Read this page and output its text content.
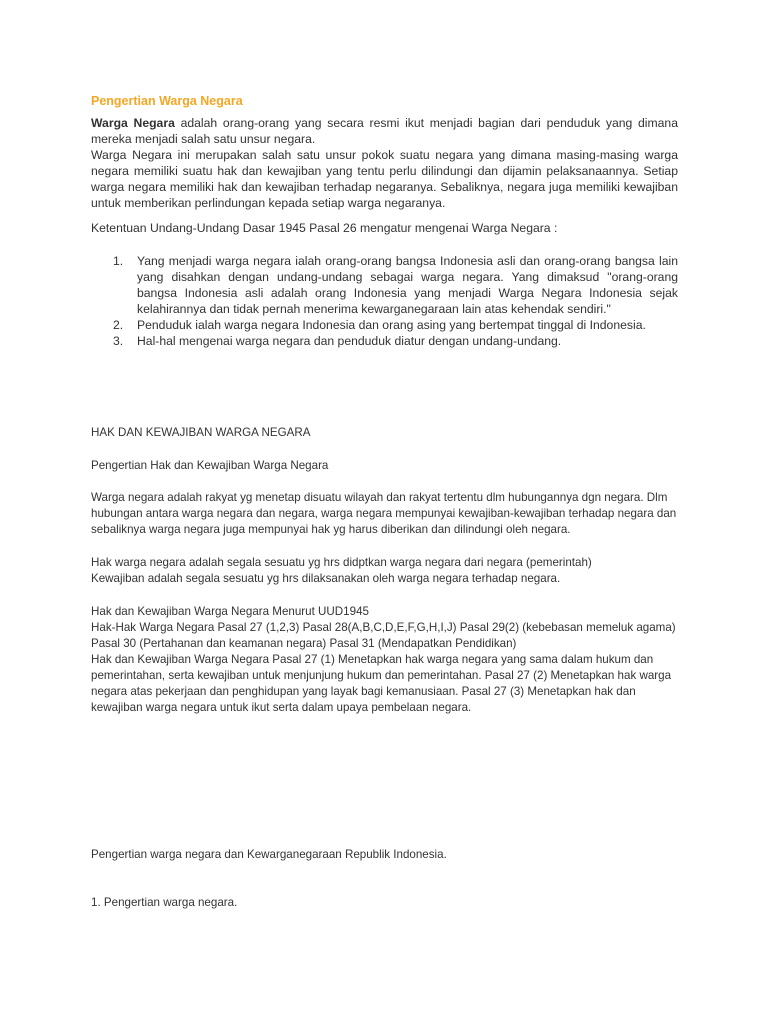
Pengertian Warga Negara

Warga Negara adalah orang-orang yang secara resmi ikut menjadi bagian dari penduduk yang dimana mereka menjadi salah satu unsur negara.

Warga Negara ini merupakan salah satu unsur pokok suatu negara yang dimana masing-masing warga negara memiliki suatu hak dan kewajiban yang tentu perlu dilindungi dan dijamin pelaksanaannya. Setiap warga negara memiliki hak dan kewajiban terhadap negaranya. Sebaliknya, negara juga memiliki kewajiban untuk memberikan perlindungan kepada setiap warga negaranya.

Ketentuan Undang-Undang Dasar 1945 Pasal 26 mengatur mengenai Warga Negara :

1. Yang menjadi warga negara ialah orang-orang bangsa Indonesia asli dan orang-orang bangsa lain yang disahkan dengan undang-undang sebagai warga negara. Yang dimaksud "orang-orang bangsa Indonesia asli adalah orang Indonesia yang menjadi Warga Negara Indonesia sejak kelahirannya dan tidak pernah menerima kewarganegaraan lain atas kehendak sendiri."
2. Penduduk ialah warga negara Indonesia dan orang asing yang bertempat tinggal di Indonesia.
3. Hal-hal mengenai warga negara dan penduduk diatur dengan undang-undang.

HAK DAN KEWAJIBAN WARGA NEGARA

Pengertian Hak dan Kewajiban Warga Negara

Warga negara adalah rakyat yg menetap disuatu wilayah dan rakyat tertentu dlm hubungannya dgn negara. Dlm hubungan antara warga negara dan negara, warga negara mempunyai kewajiban-kewajiban terhadap negara dan sebaliknya warga negara juga mempunyai hak yg harus diberikan dan dilindungi oleh negara.

Hak warga negara adalah segala sesuatu yg hrs didptkan warga negara dari negara (pemerintah)

Kewajiban adalah segala sesuatu yg hrs dilaksanakan oleh warga negara terhadap negara.

Hak dan Kewajiban Warga Negara Menurut UUD1945

Hak-Hak Warga Negara Pasal 27 (1,2,3) Pasal 28(A,B,C,D,E,F,G,H,I,J) Pasal 29(2) (kebebasan memeluk agama) Pasal 30 (Pertahanan dan keamanan negara) Pasal 31 (Mendapatkan Pendidikan)

Hak dan Kewajiban Warga Negara Pasal 27 (1) Menetapkan hak warga negara yang sama dalam hukum dan pemerintahan, serta kewajiban untuk menjunjung hukum dan pemerintahan. Pasal 27 (2) Menetapkan hak warga negara atas pekerjaan dan penghidupan yang layak bagi kemanusiaan. Pasal 27 (3) Menetapkan hak dan kewajiban warga negara untuk ikut serta dalam upaya pembelaan negara.

Pengertian warga negara dan Kewarganegaraan Republik Indonesia.

1. Pengertian warga negara.
